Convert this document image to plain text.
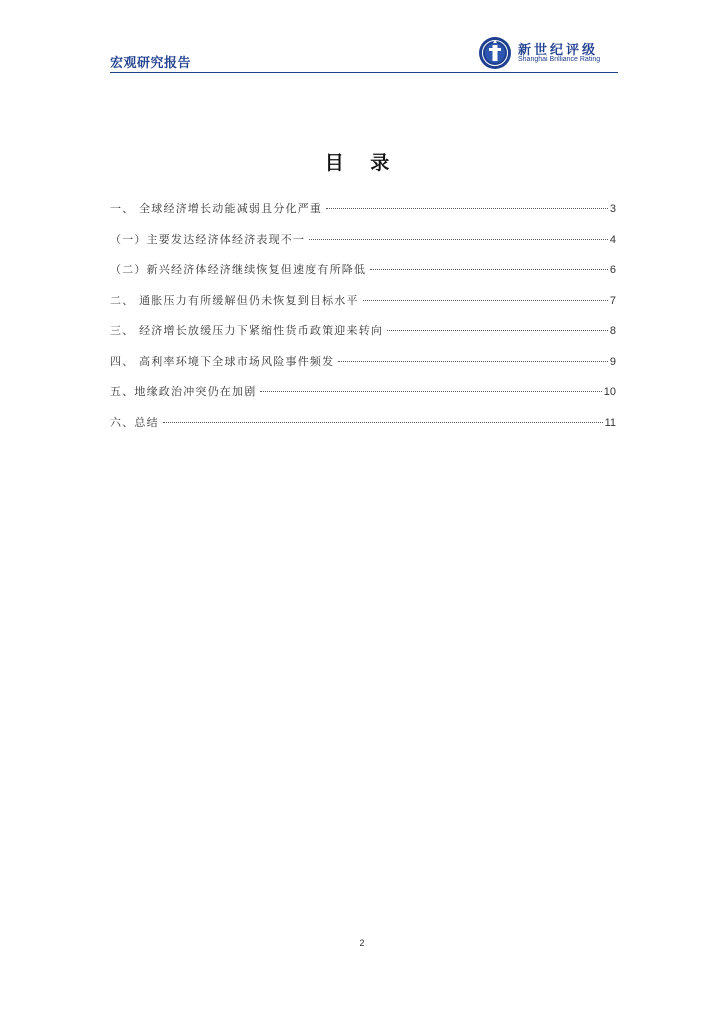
宏观研究报告
新世纪评级
Shanghai Brilliance Rating
目 录
一、 全球经济增长动能减弱且分化严重	3
（一）主要发达经济体经济表现不一	4
（二）新兴经济体经济继续恢复但速度有所降低	6
二、 通胀压力有所缓解但仍未恢复到目标水平	7
三、 经济增长放缓压力下紧缩性货币政策迎来转向	8
四、 高利率环境下全球市场风险事件频发	9
五、地缘政治冲突仍在加剧	10
六、总结	11
2
